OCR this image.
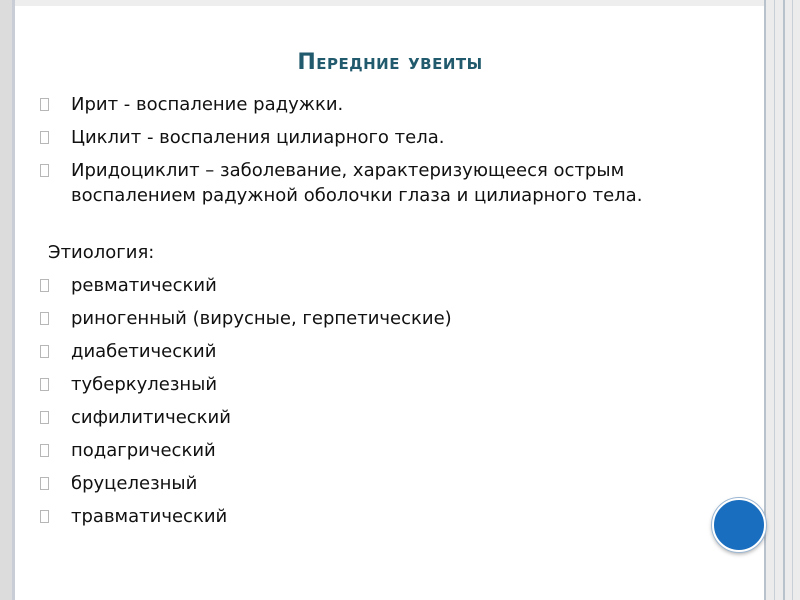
Передние увеиты
Ирит - воспаление радужки.
Циклит - воспаления цилиарного тела.
Иридоциклит – заболевание, характеризующееся острым воспалением радужной оболочки глаза и цилиарного тела.
Этиология:
ревматический
риногенный (вирусные, герпетические)
диабетический
туберкулезный
сифилитический
подагрический
бруцелезный
травматический
